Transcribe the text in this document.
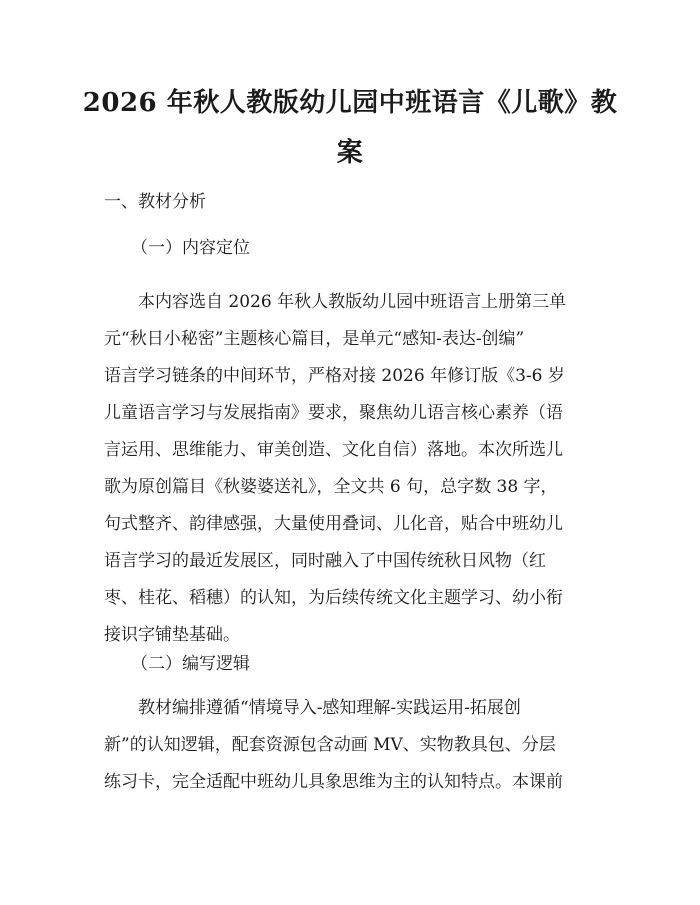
2026 年秋人教版幼儿园中班语言《儿歌》教
案
一、教材分析
（一）内容定位

本内容选自 2026 年秋人教版幼儿园中班语言上册第三单
元“秋日小秘密”主题核心篇目，是单元“感知-表达-创编”
语言学习链条的中间环节，严格对接 2026 年修订版《3-6 岁
儿童语言学习与发展指南》要求，聚焦幼儿语言核心素养（语
言运用、思维能力、审美创造、文化自信）落地。本次所选儿
歌为原创篇目《秋婆婆送礼》，全文共 6 句，总字数 38 字，
句式整齐、韵律感强，大量使用叠词、儿化音，贴合中班幼儿
语言学习的最近发展区，同时融入了中国传统秋日风物（红
枣、桂花、稻穗）的认知，为后续传统文化主题学习、幼小衔
接识字铺垫基础。

（二）编写逻辑

教材编排遵循“情境导入-感知理解-实践运用-拓展创
新”的认知逻辑，配套资源包含动画 MV、实物教具包、分层
练习卡，完全适配中班幼儿具象思维为主的认知特点。本课前
